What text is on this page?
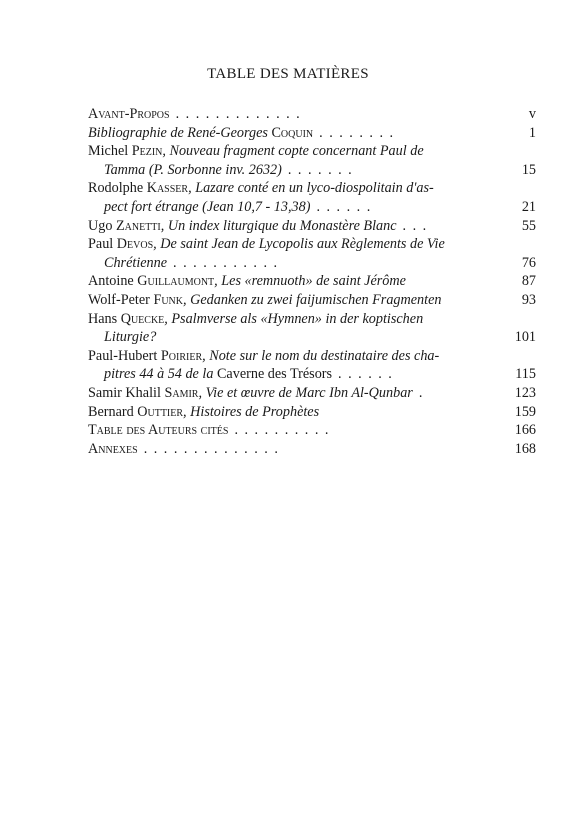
TABLE DES MATIÈRES
Avant-Propos .............	v
Bibliographie de René-Georges Coquin ........	1
Michel Pezin, Nouveau fragment copte concernant Paul de
Tamma (P. Sorbonne inv. 2632) .......	15
Rodolphe Kasser, Lazare conté en un lyco-diospolitain d'as-
pect fort étrange (Jean 10,7 - 13,38) ......	21
Ugo Zanetti, Un index liturgique du Monastère Blanc ...	55
Paul Devos, De saint Jean de Lycopolis aux Règlements de Vie
Chrétienne ...........	76
Antoine Guillaumont, Les «remnuoth» de saint Jérôme	87
Wolf-Peter Funk, Gedanken zu zwei faijumischen Fragmenten	93
Hans Quecke, Psalmverse als «Hymnen» in der koptischen
Liturgie?	101
Paul-Hubert Poirier, Note sur le nom du destinataire des cha-
pitres 44 à 54 de la Caverne des Trésors ......	115
Samir Khalil Samir, Vie et œuvre de Marc Ibn Al-Qunbar .	123
Bernard Outtier, Histoires de Prophètes	159
Table des Auteurs cités ..........	166
Annexes ..............	168
